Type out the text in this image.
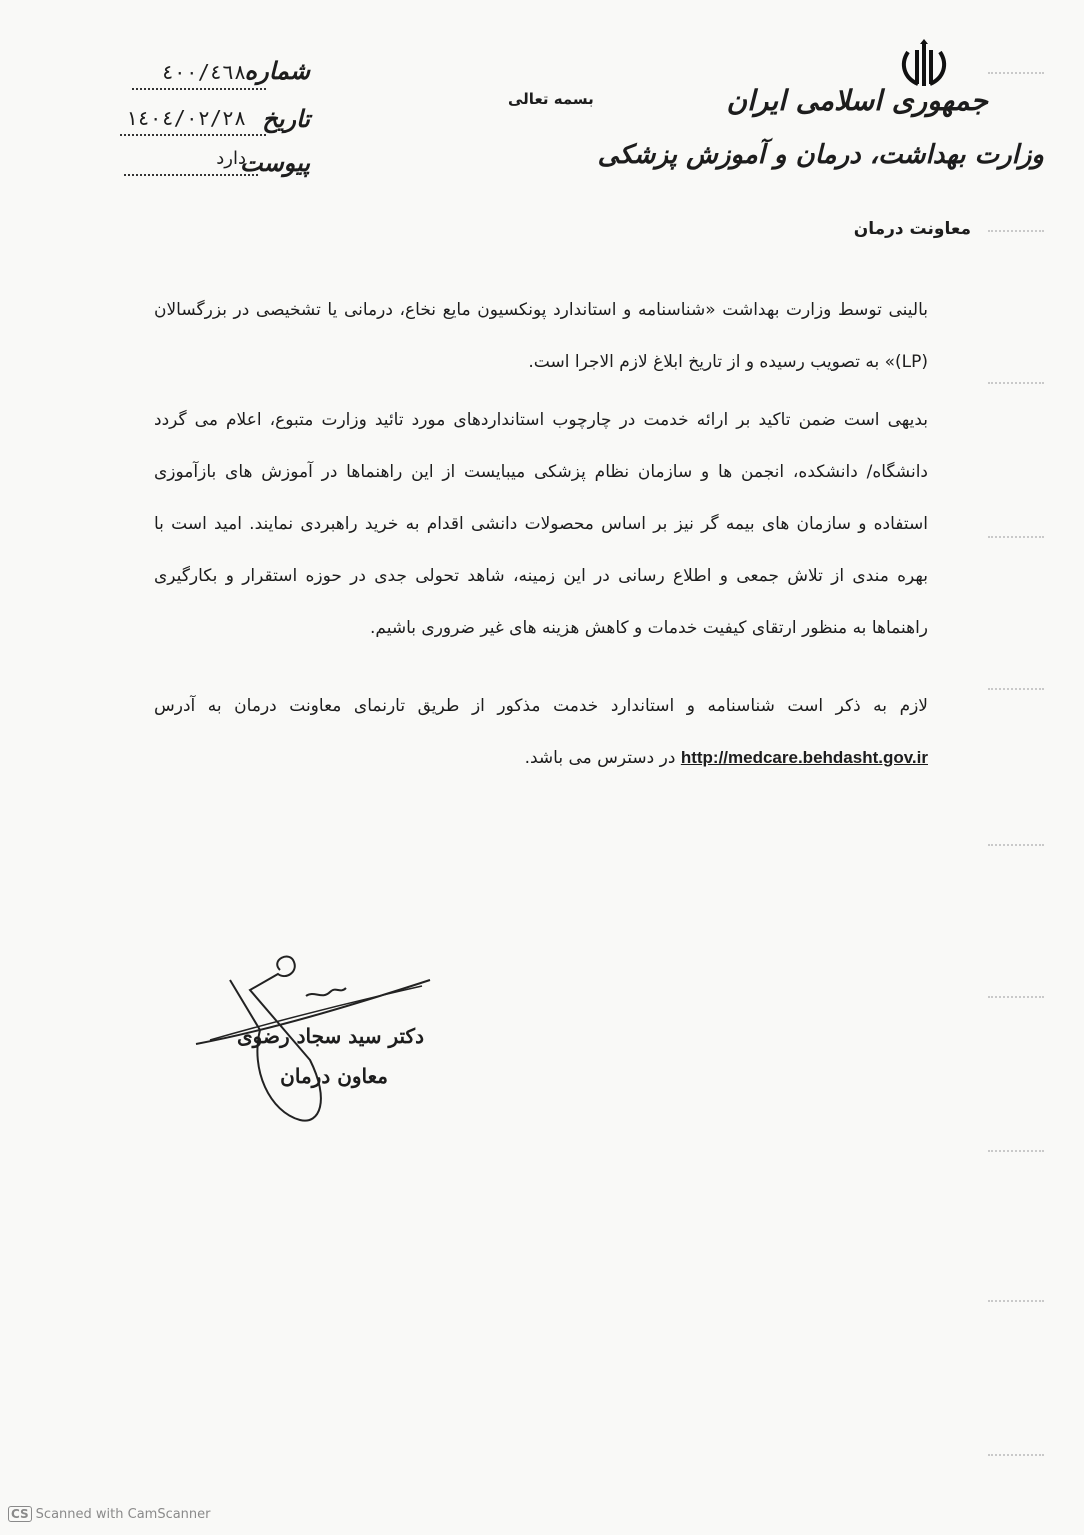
جمهوری اسلامی ایران
وزارت بهداشت، درمان و آموزش پزشکی
معاونت درمان
بسمه تعالی
شماره
٤٠٠/٤٦٨
تاریخ
١٤٠٤/٠٢/٢٨
پیوست
دارد

بالینی توسط وزارت بهداشت «شناسنامه و استاندارد پونکسیون مایع نخاع، درمانی یا تشخیصی در بزرگسالان (LP)» به تصویب رسیده و از تاریخ ابلاغ لازم الاجرا است.

بدیهی است ضمن تاکید بر ارائه خدمت در چارچوب استانداردهای مورد تائید وزارت متبوع، اعلام می گردد دانشگاه/ دانشکده، انجمن ها و سازمان نظام پزشکی میبایست از این راهنماها در آموزش های بازآموزی استفاده و سازمان های بیمه گر نیز بر اساس محصولات دانشی اقدام به خرید راهبردی نمایند. امید است با بهره مندی از تلاش جمعی و اطلاع رسانی در این زمینه، شاهد تحولی جدی در حوزه استقرار و بکارگیری راهنماها به منظور ارتقای کیفیت خدمات و کاهش هزینه های غیر ضروری باشیم.

لازم به ذکر است شناسنامه و استاندارد خدمت مذکور از طریق تارنمای معاونت درمان به آدرس http://medcare.behdasht.gov.ir در دسترس می باشد.

دکتر سید سجاد رضوی
معاون درمان
CS Scanned with CamScanner
